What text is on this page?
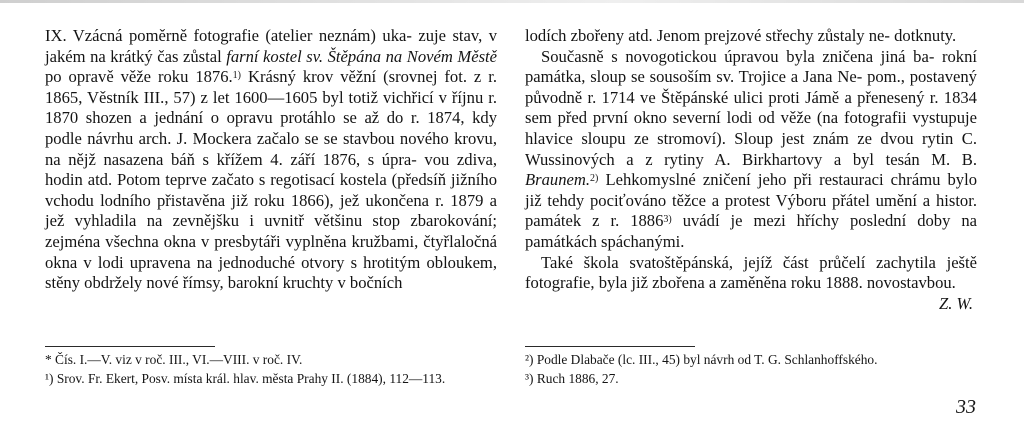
IX. Vzácná poměrně fotografie (atelier neznám) uka- zuje stav, v jakém na krátký čas zůstal farní kostel sv. Štěpána na Novém Městě po opravě věže roku 1876.$^{1)}$ Krásný krov věžní (srovnej fot. z r. 1865, Věstník III., 57) z let 1600—1605 byl totiž vichřicí v říjnu r. 1870 shozen a jednání o opravu protáhlo se až do r. 1874, kdy podle návrhu arch. J. Mockera začalo se se stavbou nového krovu, na nějž nasazena báň s křížem 4. září 1876, s úpra- vou zdiva, hodin atd. Potom teprve začato s regotisací kostela (předsíň jižního vchodu lodního přistavěna již roku 1866), jež ukončena r. 1879 a jež vyhladila na zevnějšku i uvnitř většinu stop zbarokování; zejména všechna okna v presbytáři vyplněna kružbami, čtyřlaločná okna v lodi upravena na jednoduché otvory s hrotitým obloukem, stěny obdržely nové římsy, barokní kruchty v bočních

lodích zbořeny atd. Jenom prejzové střechy zůstaly ne- dotknuty.

Současně s novogotickou úpravou byla zničena jiná ba- rokní památka, sloup se sousoším sv. Trojice a Jana Ne- pom., postavený původně r. 1714 ve Štěpánské ulici proti Jámě a přenesený r. 1834 sem před první okno severní lodi od věže (na fotografii vystupuje hlavice sloupu ze stromoví). Sloup jest znám ze dvou rytin C. Wussinových a z rytiny A. Birkhartovy a byl tesán M. B. Braunem.$^{2)}$ Lehkomyslné zničení jeho při restauraci chrámu bylo již tehdy pociťováno těžce a protest Výboru přátel umění a histor. památek z r. 1886$^{3)}$ uvádí je mezi hříchy poslední doby na památkách spáchanými.

Také škola svatoštěpánská, jejíž část průčelí zachytila ještě fotografie, byla již zbořena a zaměněna roku 1888. novostavbou.
Z. W.

* Čís. I.—V. viz v roč. III., VI.—VIII. v roč. IV.

¹) Srov. Fr. Ekert, Posv. místa král. hlav. města Prahy II. (1884), 112—113.

²) Podle Dlabače (lc. III., 45) byl návrh od T. G. Schlanhoffského.

³) Ruch 1886, 27.

33
